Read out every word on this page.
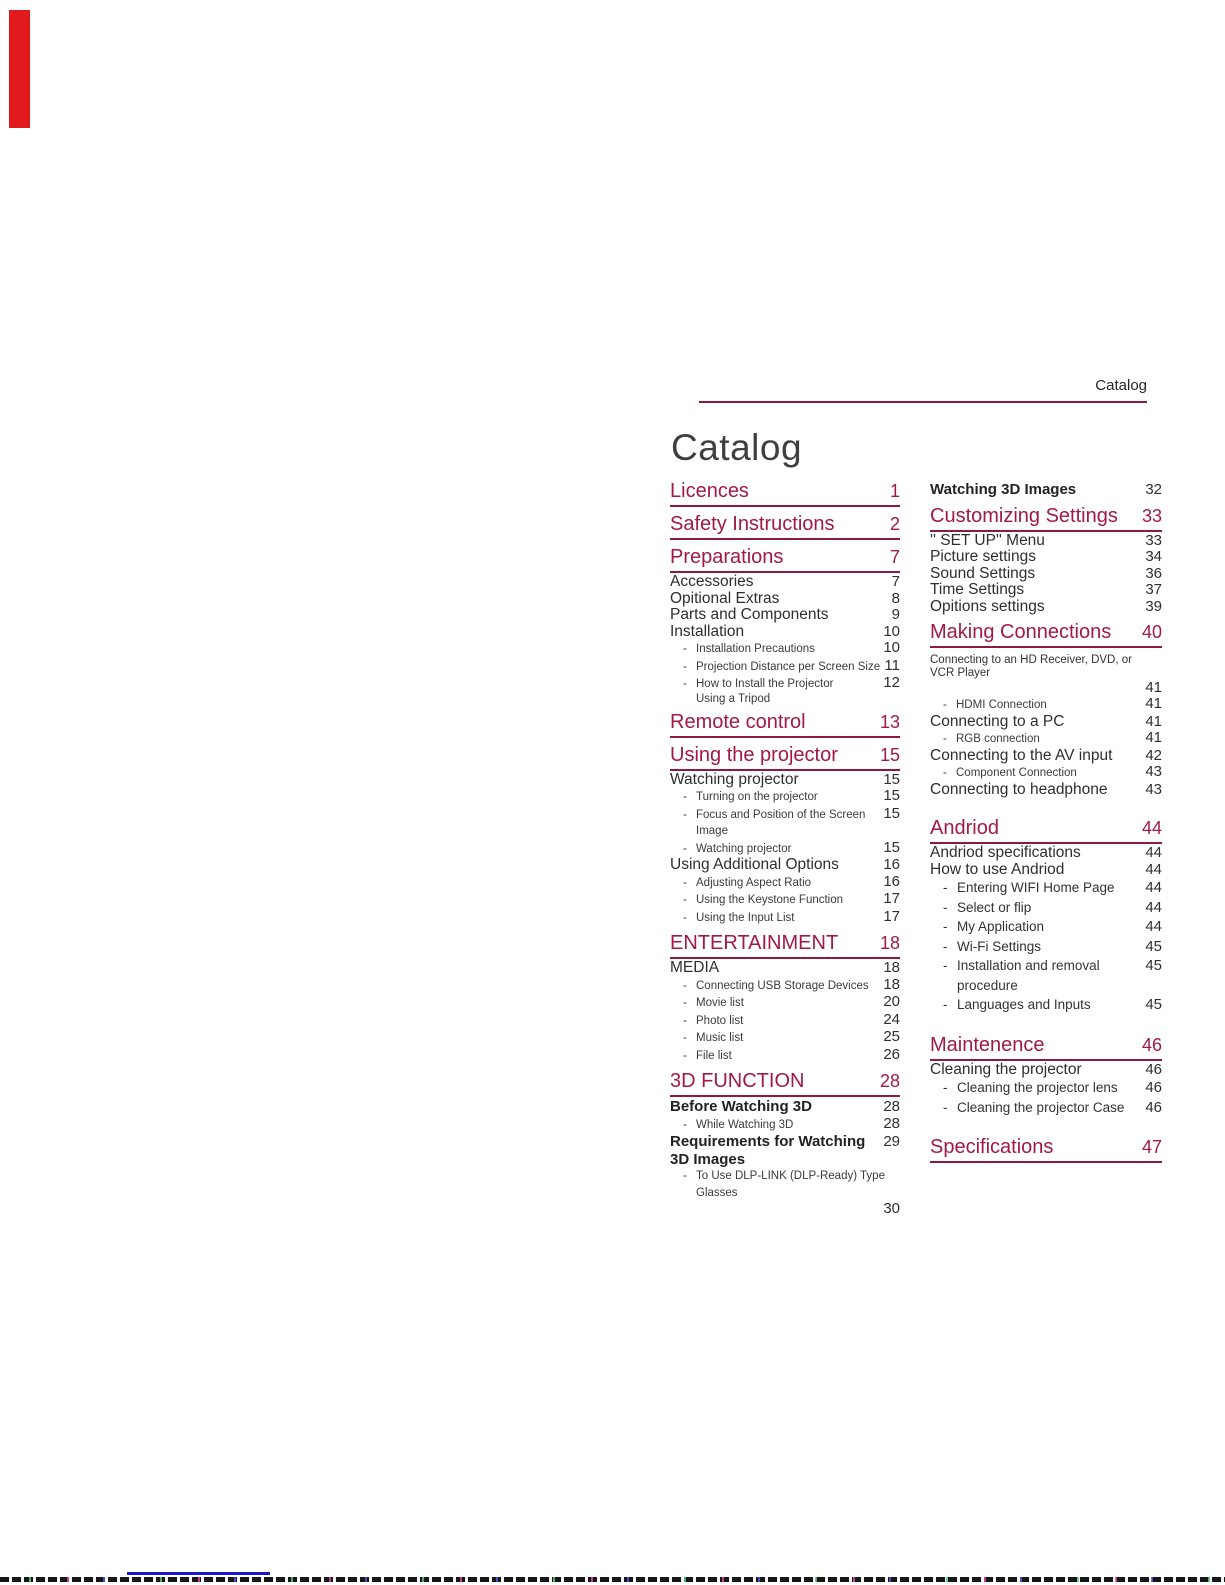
Catalog
Catalog
Licences	1
Safety Instructions	2
Preparations	7
Accessories	7
Opitional Extras	8
Parts and Components	9
Installation	10
- Installation Precautions	10
- Projection Distance per Screen Size 11
- How to Install the Projector	12
Using a Tripod
Remote control	13
Using the projector	15
Watching projector	15
- Turning on the projector	15
- Focus and Position of the Screen Image
15
- Watching projector	15
Using Additional Options	16
- Adjusting Aspect Ratio	16
- Using the Keystone Function	17
- Using the Input List	17
ENTERTAINMENT	18
MEDIA	18
- Connecting USB Storage Devices 18
- Movie list	20
- Photo list	24
- Music list	25
- File list	26
3D FUNCTION	28
Before Watching 3D	28
- While Watching 3D	28
Requirements for Watching 3D Images
29
- To Use DLP-LINK (DLP-Ready) Type Glasses
30
Watching 3D Images	32
Customizing Settings	33
'' SET UP'' Menu	33
Picture settings	34
Sound Settings	36
Time Settings	37
Opitions settings	39
Making Connections	40
Connecting to an HD Receiver, DVD, or VCR Player
41
- HDMI Connection	41
Connecting to a PC	41
- RGB connection	41
Connecting to the AV input	42
- Component Connection	43
Connecting to headphone	43
Andriod	44
Andriod specifications	44
How to use Andriod	44
- Entering WIFI Home Page	44
- Select or flip	44
- My Application	44
- Wi-Fi Settings	45
- Installation and removal procedure
45
- Languages and Inputs	45
Maintenence	46
Cleaning the projector	46
- Cleaning the projector lens	46
- Cleaning the projector Case	46
Specifications	47
